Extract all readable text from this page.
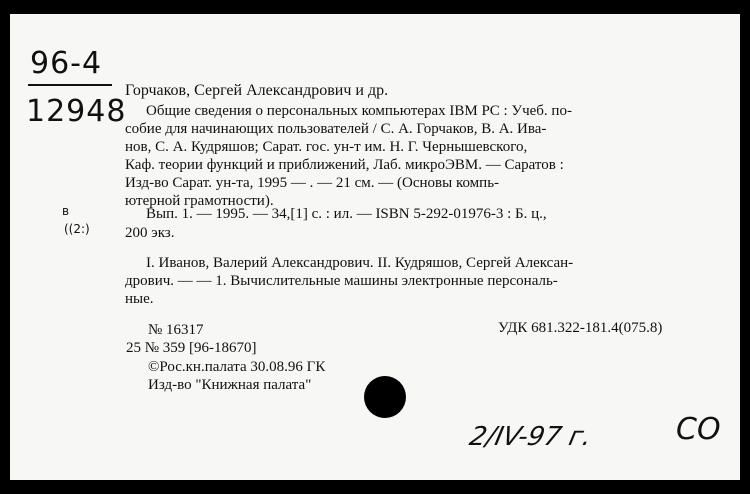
96-4
12948
в
((2:)
Горчаков, Сергей Александрович и др.
Общие сведения о персональных компьютерах IBM PC : Учеб. по-
собие для начинающих пользователей / С. А. Горчаков, В. А. Ива-
нов, С. А. Кудряшов; Сарат. гос. ун-т им. Н. Г. Чернышевского,
Каф. теории функций и приближений, Лаб. микроЭВМ. — Саратов :
Изд-во Сарат. ун-та, 1995 — . — 21 см. — (Основы компь-
ютерной грамотности).
Вып. 1. — 1995. — 34,[1] с. : ил. — ISBN 5-292-01976-3 : Б. ц.,
200 экз.
I. Иванов, Валерий Александрович. II. Кудряшов, Сергей Алексан-
дрович. — — 1. Вычислительные машины электронные персональ-
ные.
№ 16317	УДК 681.322-181.4(075.8)
25 № 359 [96-18670]
©Рос.кн.палата 30.08.96 ГК
Изд-во "Книжная палата"
2/IV-97 г.	СО
